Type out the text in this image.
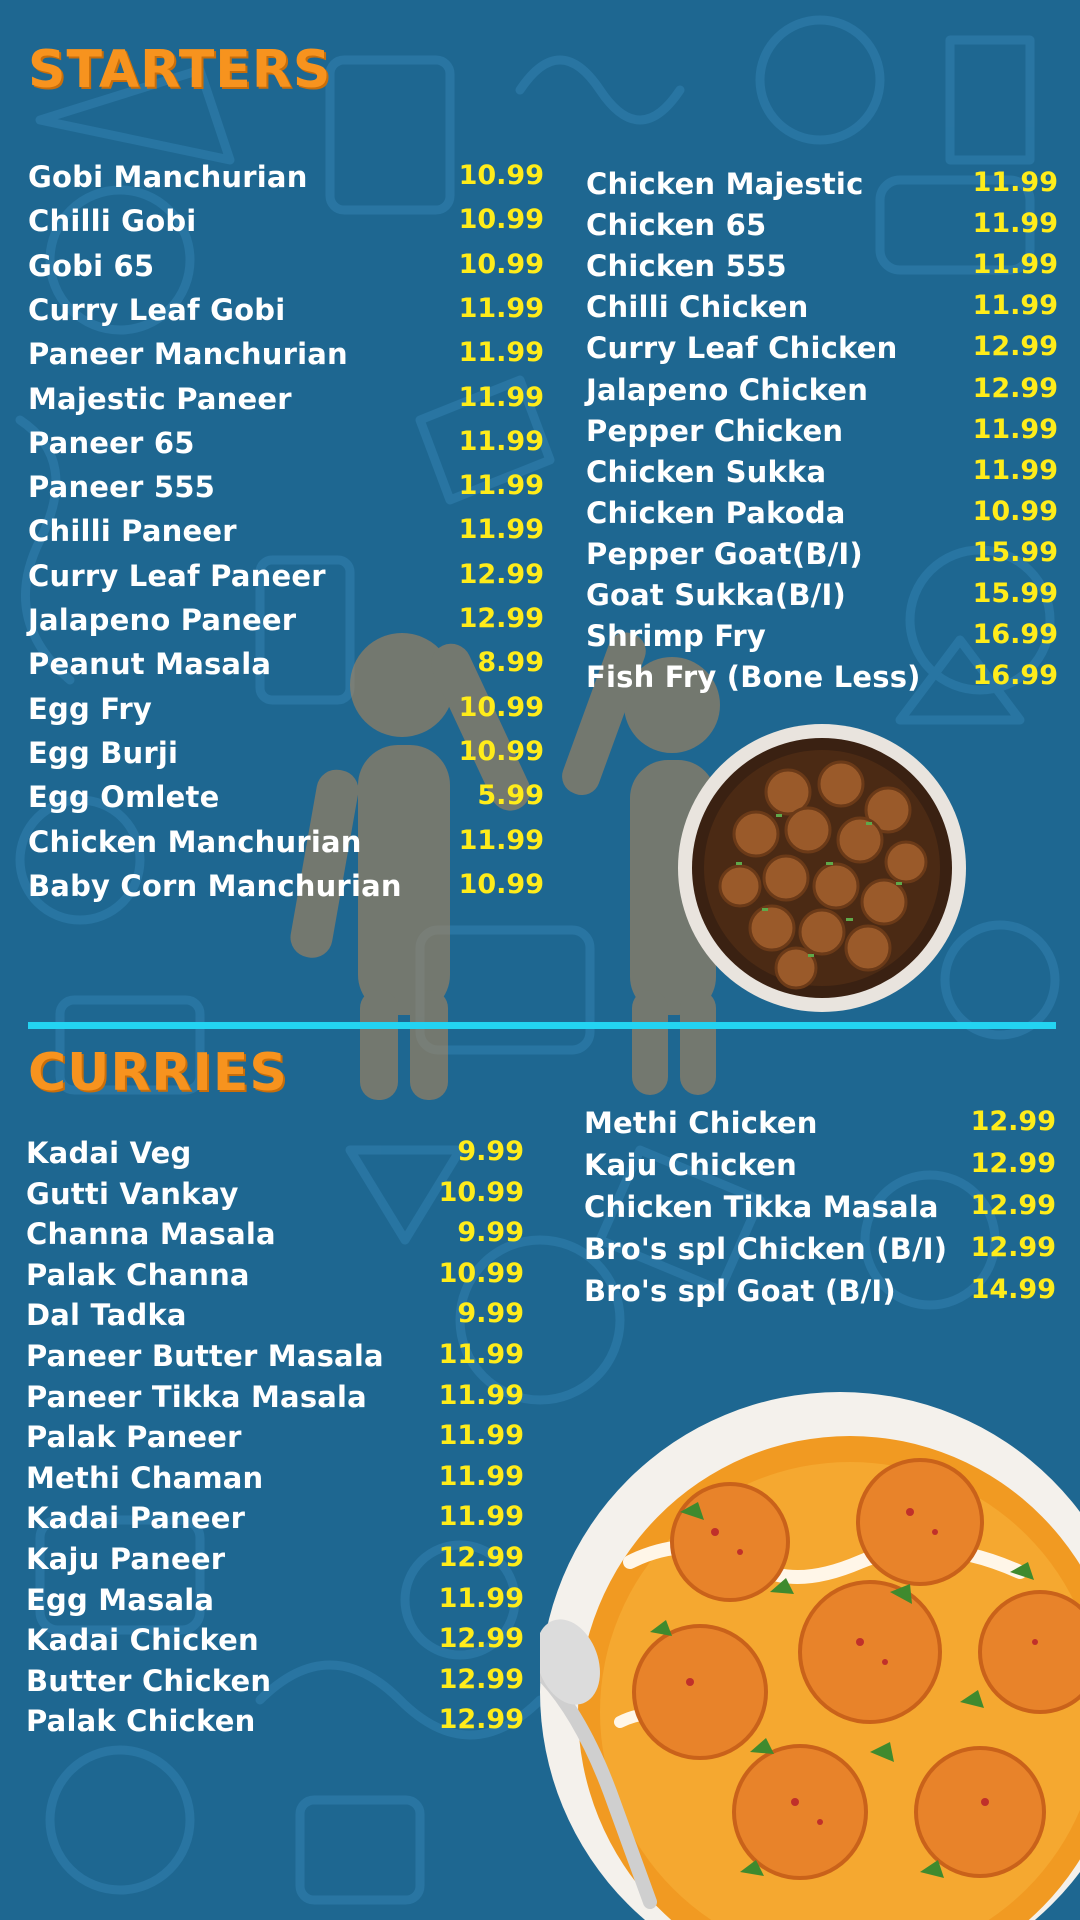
STARTERS
Gobi Manchurian	10.99
Chilli Gobi	10.99
Gobi 65	10.99
Curry Leaf Gobi	11.99
Paneer Manchurian	11.99
Majestic Paneer	11.99
Paneer 65	11.99
Paneer 555	11.99
Chilli Paneer	11.99
Curry Leaf Paneer	12.99
Jalapeno Paneer	12.99
Peanut Masala	8.99
Egg Fry	10.99
Egg Burji	10.99
Egg Omlete	5.99
Chicken Manchurian	11.99
Baby Corn Manchurian 10.99
Chicken Majestic	11.99
Chicken 65	11.99
Chicken 555	11.99
Chilli Chicken	11.99
Curry Leaf Chicken	12.99
Jalapeno Chicken	12.99
Pepper Chicken	11.99
Chicken Sukka	11.99
Chicken Pakoda	10.99
Pepper Goat(B/I)	15.99
Goat Sukka(B/I)	15.99
Shrimp Fry	16.99
Fish Fry (Bone Less) 16.99
CURRIES
Kadai Veg	9.99
Gutti Vankay	10.99
Channa Masala	9.99
Palak Channa	10.99
Dal Tadka	9.99
Paneer Butter Masala 11.99
Paneer Tikka Masala	11.99
Palak Paneer	11.99
Methi Chaman	11.99
Kadai Paneer	11.99
Kaju Paneer	12.99
Egg Masala	11.99
Kadai Chicken	12.99
Butter Chicken	12.99
Palak Chicken	12.99
Methi Chicken	12.99
Kaju Chicken	12.99
Chicken Tikka Masala 12.99
Bro's spl Chicken (B/I) 12.99
Bro's spl Goat (B/I)	14.99
